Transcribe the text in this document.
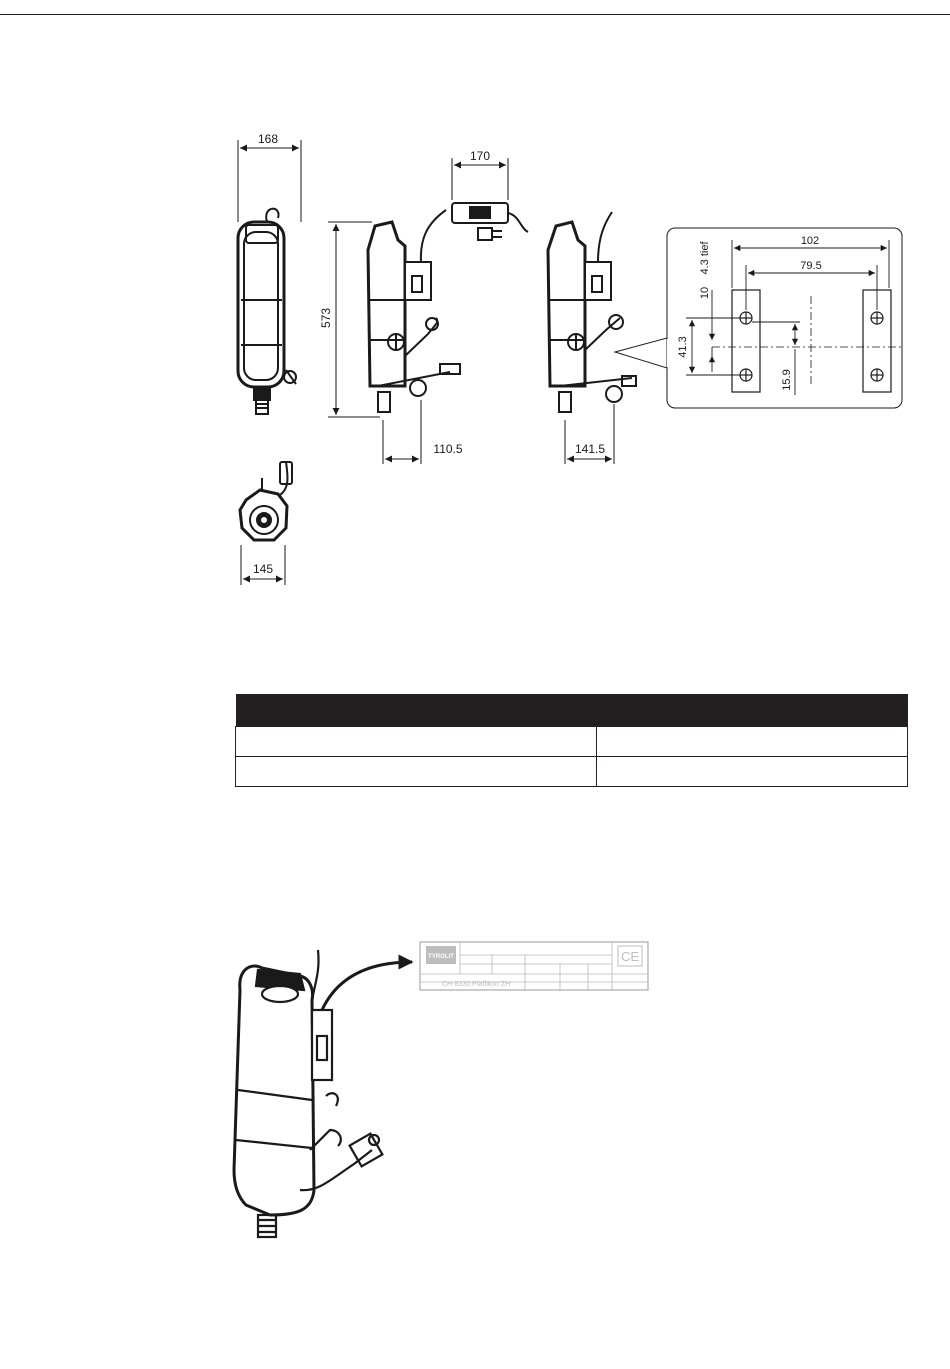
168
145
170
573
110.5	141.5
102
79.5
10
4.3 tief
41.3
15.9
TYROLIT	CE
CH-8330 Pfäffikon ZH
